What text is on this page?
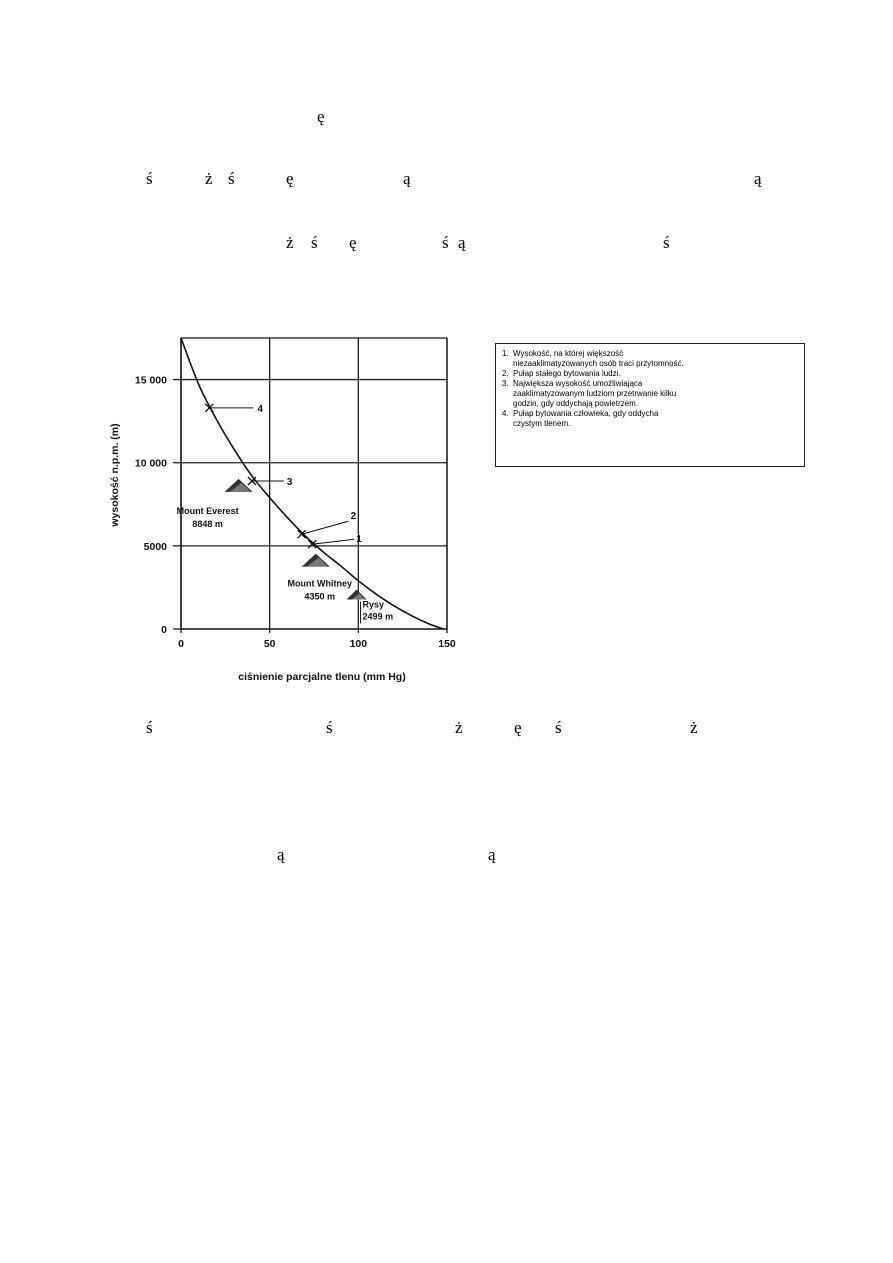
ę
ś	ż ś	ę	ą	ą
ż ś ę	ś ą	ś
ś	ś	ż	ę ś	ż
ą	ą
0	50	100	150
0
5000
10 000
15 000
Mount Everest
8848 m
Mount Whitney
4350 m
Rysy
2499 m
4
3
2
1
ciśnienie parcjalne tlenu (mm Hg)
wysokość n.p.m. (m)
1. Wysokość, na której większość
niezaaklimatyzowanych osób traci przytomność.
2. Pułap stałego bytowania ludzi.
3. Największa wysokość umożliwiająca
zaaklimatyzowanym ludziom przetrwanie kilku
godzin, gdy oddychają powietrzem.
4. Pułap bytowania człowieka, gdy oddycha
czystym tlenem.
